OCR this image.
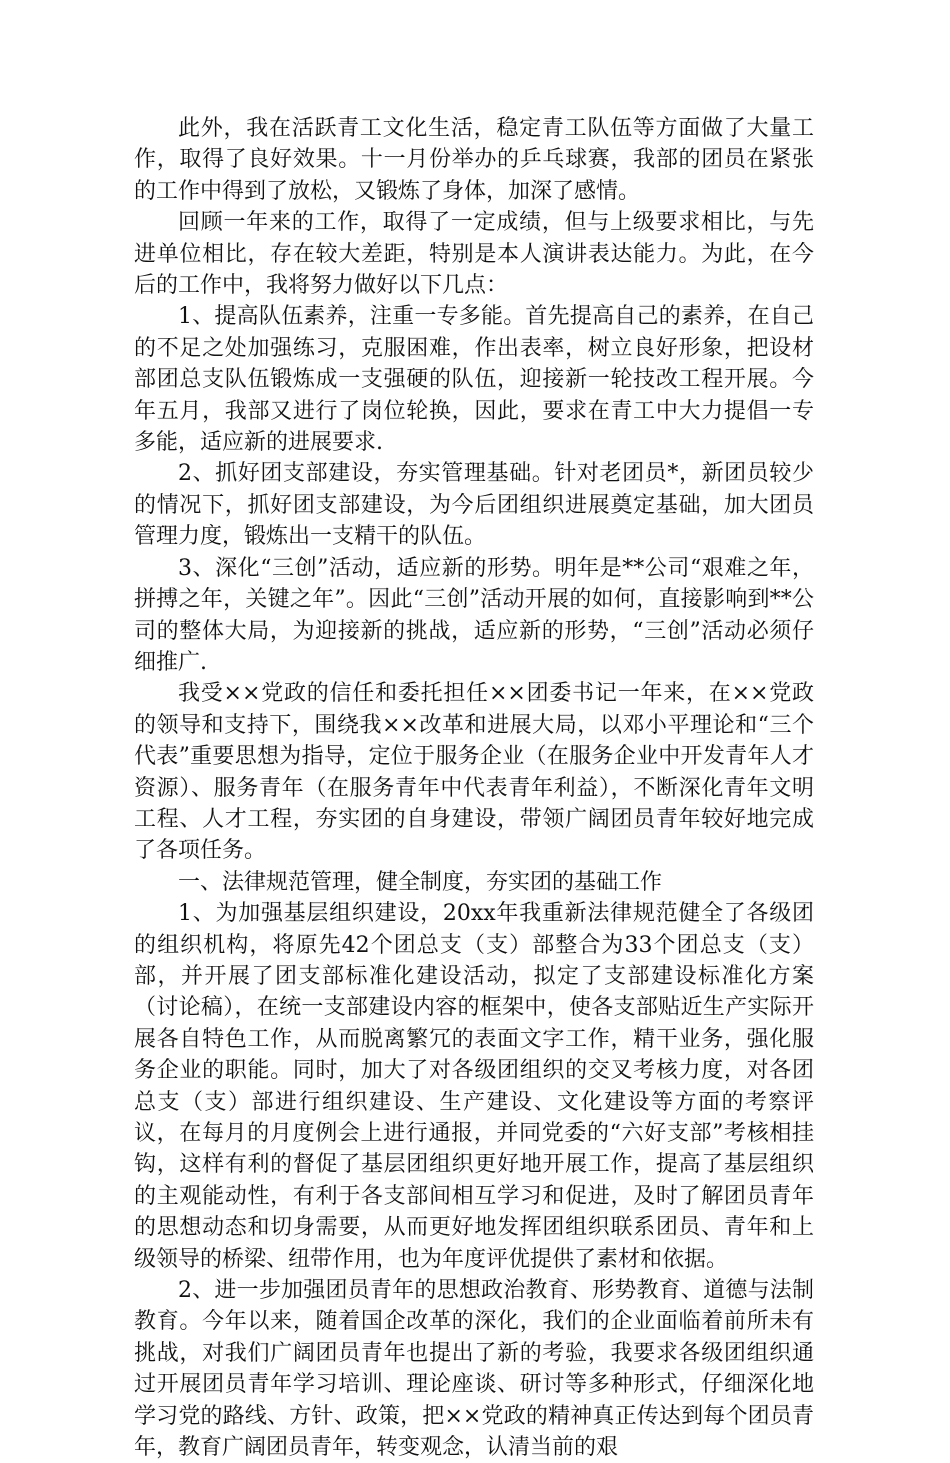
此外，我在活跃青工文化生活，稳定青工队伍等方面做了大量工作，取得了良好效果。十一月份举办的乒乓球赛，我部的团员在紧张的工作中得到了放松，又锻炼了身体，加深了感情。

回顾一年来的工作，取得了一定成绩，但与上级要求相比，与先进单位相比，存在较大差距，特别是本人演讲表达能力。为此，在今后的工作中，我将努力做好以下几点：

1、提高队伍素养，注重一专多能。首先提高自己的素养，在自己的不足之处加强练习，克服困难，作出表率，树立良好形象，把设材部团总支队伍锻炼成一支强硬的队伍，迎接新一轮技改工程开展。今年五月，我部又进行了岗位轮换，因此，要求在青工中大力提倡一专多能，适应新的进展要求.

2、抓好团支部建设，夯实管理基础。针对老团员*，新团员较少的情况下，抓好团支部建设，为今后团组织进展奠定基础，加大团员管理力度，锻炼出一支精干的队伍。

3、深化“三创”活动，适应新的形势。明年是**公司“艰难之年，拼搏之年，关键之年”。因此“三创”活动开展的如何，直接影响到**公司的整体大局，为迎接新的挑战，适应新的形势，“三创”活动必须仔细推广.

我受××党政的信任和委托担任××团委书记一年来，在××党政的领导和支持下，围绕我××改革和进展大局，以邓小平理论和“三个代表”重要思想为指导，定位于服务企业（在服务企业中开发青年人才资源）、服务青年（在服务青年中代表青年利益），不断深化青年文明工程、人才工程，夯实团的自身建设，带领广阔团员青年较好地完成了各项任务。

一、法律规范管理，健全制度，夯实团的基础工作

1、为加强基层组织建设，20xx年我重新法律规范健全了各级团的组织机构，将原先42个团总支（支）部整合为33个团总支（支）部，并开展了团支部标准化建设活动，拟定了支部建设标准化方案（讨论稿），在统一支部建设内容的框架中，使各支部贴近生产实际开展各自特色工作，从而脱离繁冗的表面文字工作，精干业务，强化服务企业的职能。同时，加大了对各级团组织的交叉考核力度，对各团总支（支）部进行组织建设、生产建设、文化建设等方面的考察评议，在每月的月度例会上进行通报，并同党委的“六好支部”考核相挂钩，这样有利的督促了基层团组织更好地开展工作，提高了基层组织的主观能动性，有利于各支部间相互学习和促进，及时了解团员青年的思想动态和切身需要，从而更好地发挥团组织联系团员、青年和上级领导的桥梁、纽带作用，也为年度评优提供了素材和依据。

2、进一步加强团员青年的思想政治教育、形势教育、道德与法制教育。今年以来，随着国企改革的深化，我们的企业面临着前所未有挑战，对我们广阔团员青年也提出了新的考验，我要求各级团组织通过开展团员青年学习培训、理论座谈、研讨等多种形式，仔细深化地学习党的路线、方针、政策，把××党政的精神真正传达到每个团员青年，教育广阔团员青年，转变观念，认清当前的艰
